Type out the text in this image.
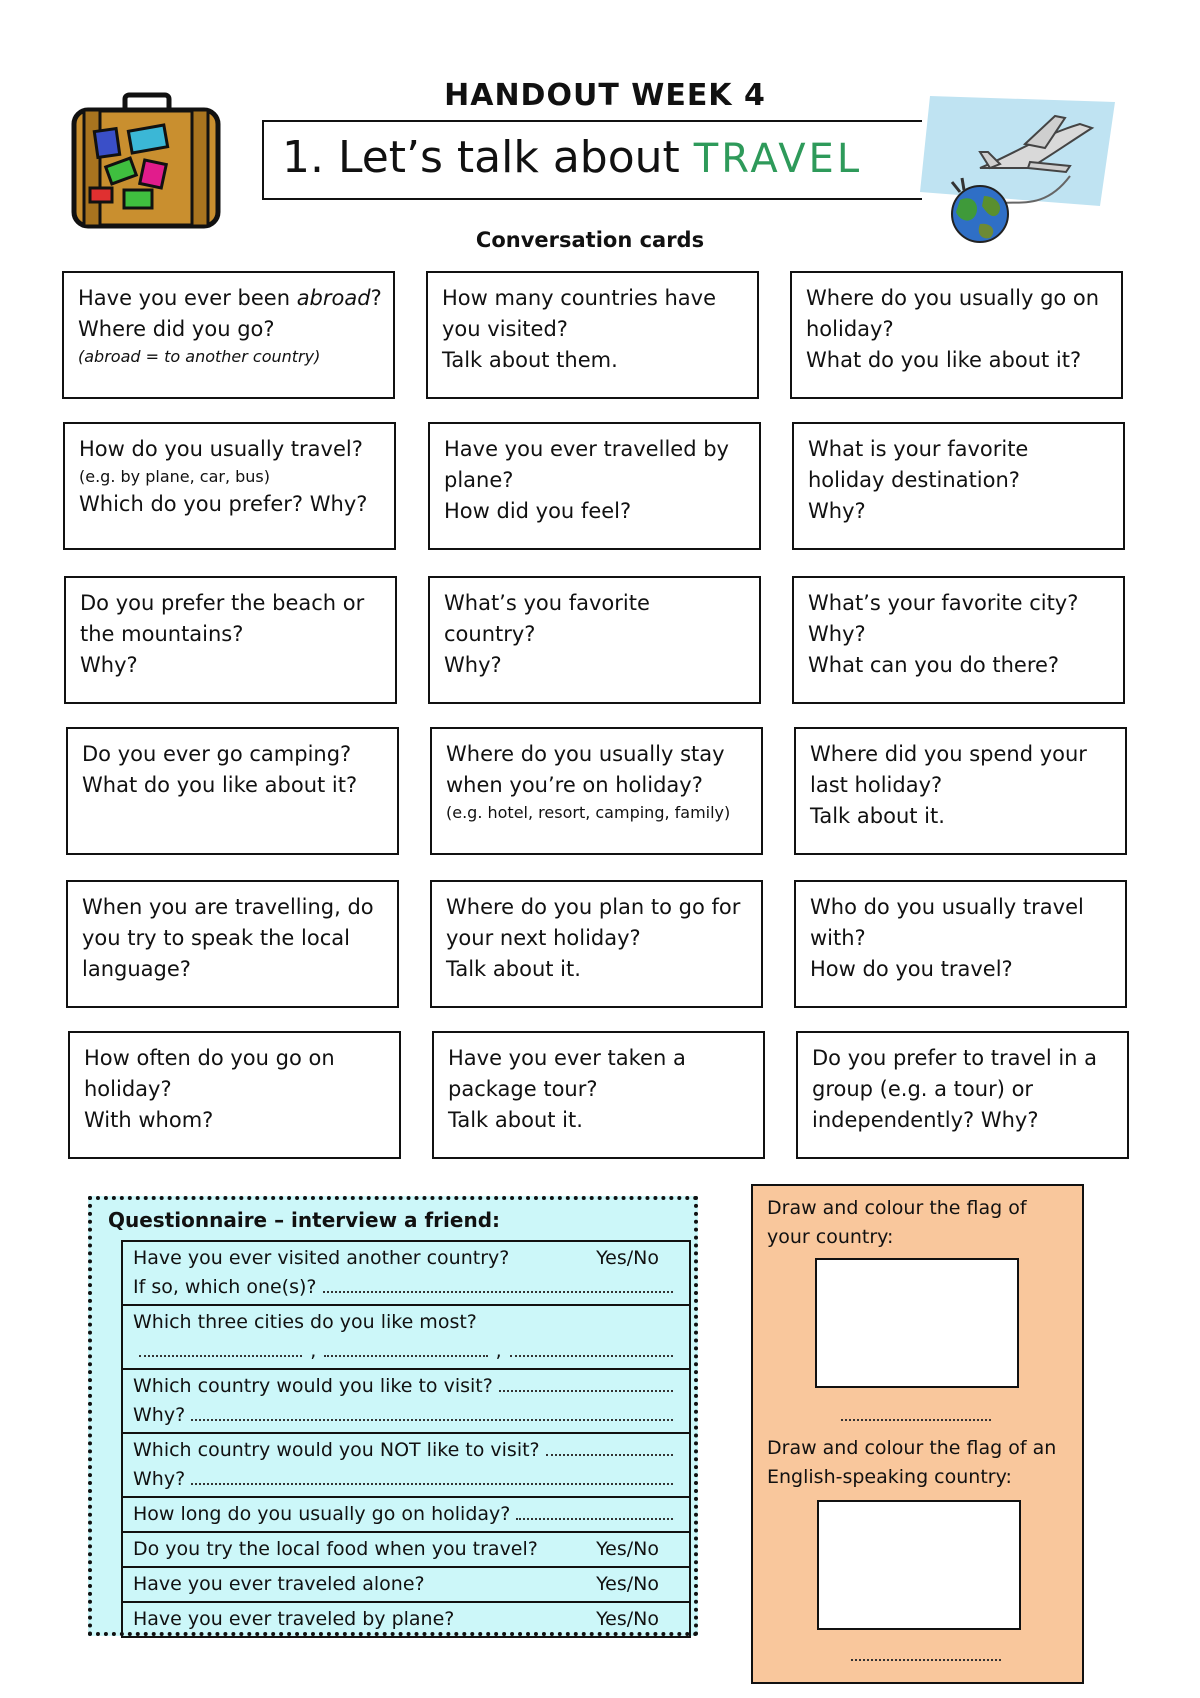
HANDOUT WEEK 4
1. Let’s talk about TRAVEL
Conversation cards
Have you ever been abroad?
Where did you go?
(abroad = to another country)
How many countries have
you visited?
Talk about them.
Where do you usually go on
holiday?
What do you like about it?
How do you usually travel?
(e.g. by plane, car, bus)
Which do you prefer? Why?
Have you ever travelled by
plane?
How did you feel?
What is your favorite
holiday destination?
Why?
Do you prefer the beach or
the mountains?
Why?
What’s you favorite
country?
Why?
What’s your favorite city?
Why?
What can you do there?
Do you ever go camping?
What do you like about it?
Where do you usually stay
when you’re on holiday?
(e.g. hotel, resort, camping, family)
Where did you spend your
last holiday?
Talk about it.
When you are travelling, do
you try to speak the local
language?
Where do you plan to go for
your next holiday?
Talk about it.
Who do you usually travel
with?
How do you travel?
How often do you go on
holiday?
With whom?
Have you ever taken a
package tour?
Talk about it.
Do you prefer to travel in a
group (e.g. a tour) or
independently? Why?
Questionnaire – interview a friend:
Have you ever visited another country?	Yes/No
If so, which one(s)?
Which three cities do you like most?
,	,
Which country would you like to visit?
Why?
Which country would you NOT like to visit?
Why?
How long do you usually go on holiday?
Do you try the local food when you travel?	Yes/No
Have you ever traveled alone?	Yes/No
Have you ever traveled by plane?	Yes/No
Draw and colour the flag of
your country:
Draw and colour the flag of an
English-speaking country:
